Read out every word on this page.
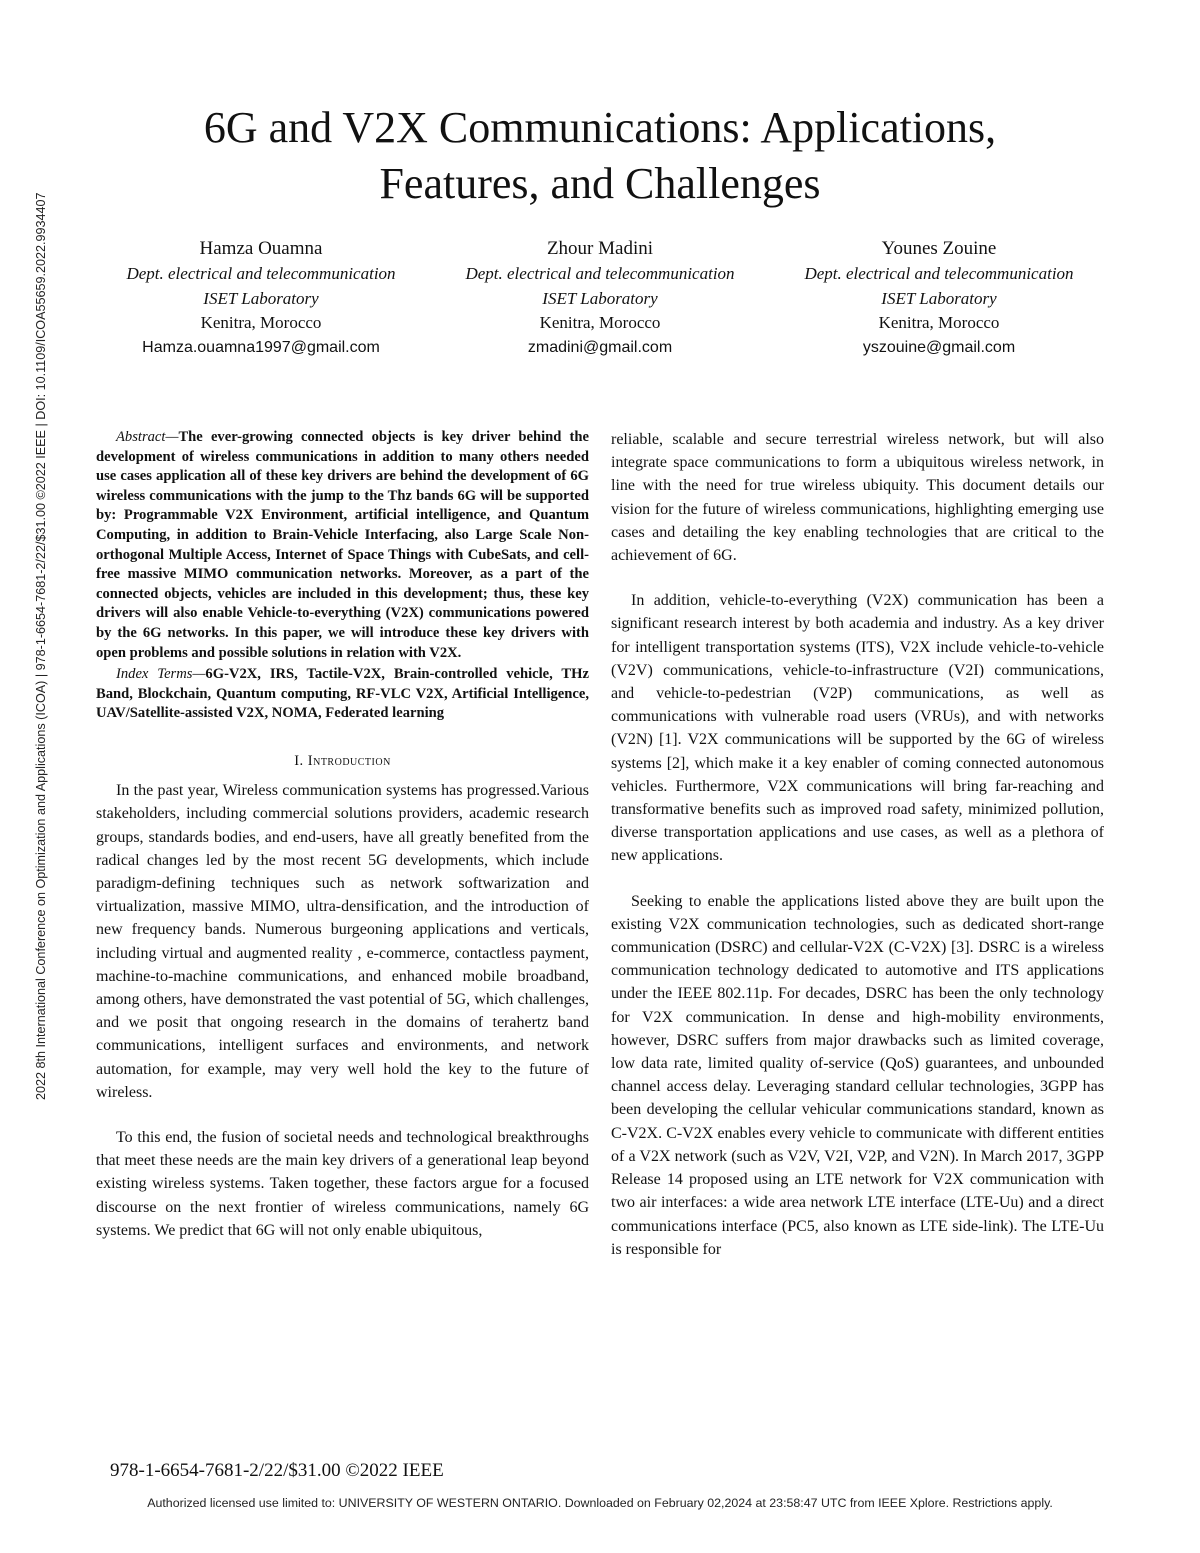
2022 8th International Conference on Optimization and Applications (ICOA) | 978-1-6654-7681-2/22/$31.00 ©2022 IEEE | DOI: 10.1109/ICOA55659.2022.9934407
6G and V2X Communications: Applications,
Features, and Challenges
Hamza Ouamna
Dept. electrical and telecommunication
ISET Laboratory
Kenitra, Morocco
Hamza.ouamna1997@gmail.com
Zhour Madini
Dept. electrical and telecommunication
ISET Laboratory
Kenitra, Morocco
zmadini@gmail.com
Younes Zouine
Dept. electrical and telecommunication
ISET Laboratory
Kenitra, Morocco
yszouine@gmail.com

Abstract—The ever-growing connected objects is key driver behind the development of wireless communications in addition to many others needed use cases application all of these key drivers are behind the development of 6G wireless communications with the jump to the Thz bands 6G will be supported by: Programmable V2X Environment, artificial intelligence, and Quantum Computing, in addition to Brain-Vehicle Interfacing, also Large Scale Non-orthogonal Multiple Access, Internet of Space Things with CubeSats, and cell-free massive MIMO communication networks. Moreover, as a part of the connected objects, vehicles are included in this development; thus, these key drivers will also enable Vehicle-to-everything (V2X) communications powered by the 6G networks. In this paper, we will introduce these key drivers with open problems and possible solutions in relation with V2X.

Index Terms—6G-V2X, IRS, Tactile-V2X, Brain-controlled vehicle, THz Band, Blockchain, Quantum computing, RF-VLC V2X, Artificial Intelligence, UAV/Satellite-assisted V2X, NOMA, Federated learning

I. Introduction

In the past year, Wireless communication systems has progressed.Various stakeholders, including commercial solutions providers, academic research groups, standards bodies, and end-users, have all greatly benefited from the radical changes led by the most recent 5G developments, which include paradigm-defining techniques such as network softwarization and virtualization, massive MIMO, ultra-densification, and the introduction of new frequency bands. Numerous burgeoning applications and verticals, including virtual and augmented reality , e-commerce, contactless payment, machine-to-machine communications, and enhanced mobile broadband, among others, have demonstrated the vast potential of 5G, which challenges, and we posit that ongoing research in the domains of terahertz band communications, intelligent surfaces and environments, and network automation, for example, may very well hold the key to the future of wireless.

To this end, the fusion of societal needs and technological breakthroughs that meet these needs are the main key drivers of a generational leap beyond existing wireless systems. Taken together, these factors argue for a focused discourse on the next frontier of wireless communications, namely 6G systems. We predict that 6G will not only enable ubiquitous,

reliable, scalable and secure terrestrial wireless network, but will also integrate space communications to form a ubiquitous wireless network, in line with the need for true wireless ubiquity. This document details our vision for the future of wireless communications, highlighting emerging use cases and detailing the key enabling technologies that are critical to the achievement of 6G.

In addition, vehicle-to-everything (V2X) communication has been a significant research interest by both academia and industry. As a key driver for intelligent transportation systems (ITS), V2X include vehicle-to-vehicle (V2V) communications, vehicle-to-infrastructure (V2I) communications, and vehicle-to-pedestrian (V2P) communications, as well as communications with vulnerable road users (VRUs), and with networks (V2N) [1]. V2X communications will be supported by the 6G of wireless systems [2], which make it a key enabler of coming connected autonomous vehicles. Furthermore, V2X communications will bring far-reaching and transformative benefits such as improved road safety, minimized pollution, diverse transportation applications and use cases, as well as a plethora of new applications.

Seeking to enable the applications listed above they are built upon the existing V2X communication technologies, such as dedicated short-range communication (DSRC) and cellular-V2X (C-V2X) [3]. DSRC is a wireless communication technology dedicated to automotive and ITS applications under the IEEE 802.11p. For decades, DSRC has been the only technology for V2X communication. In dense and high-mobility environments, however, DSRC suffers from major drawbacks such as limited coverage, low data rate, limited quality of-service (QoS) guarantees, and unbounded channel access delay. Leveraging standard cellular technologies, 3GPP has been developing the cellular vehicular communications standard, known as C-V2X. C-V2X enables every vehicle to communicate with different entities of a V2X network (such as V2V, V2I, V2P, and V2N). In March 2017, 3GPP Release 14 proposed using an LTE network for V2X communication with two air interfaces: a wide area network LTE interface (LTE-Uu) and a direct communications interface (PC5, also known as LTE side-link). The LTE-Uu is responsible for

978-1-6654-7681-2/22/$31.00 ©2022 IEEE
Authorized licensed use limited to: UNIVERSITY OF WESTERN ONTARIO. Downloaded on February 02,2024 at 23:58:47 UTC from IEEE Xplore. Restrictions apply.
